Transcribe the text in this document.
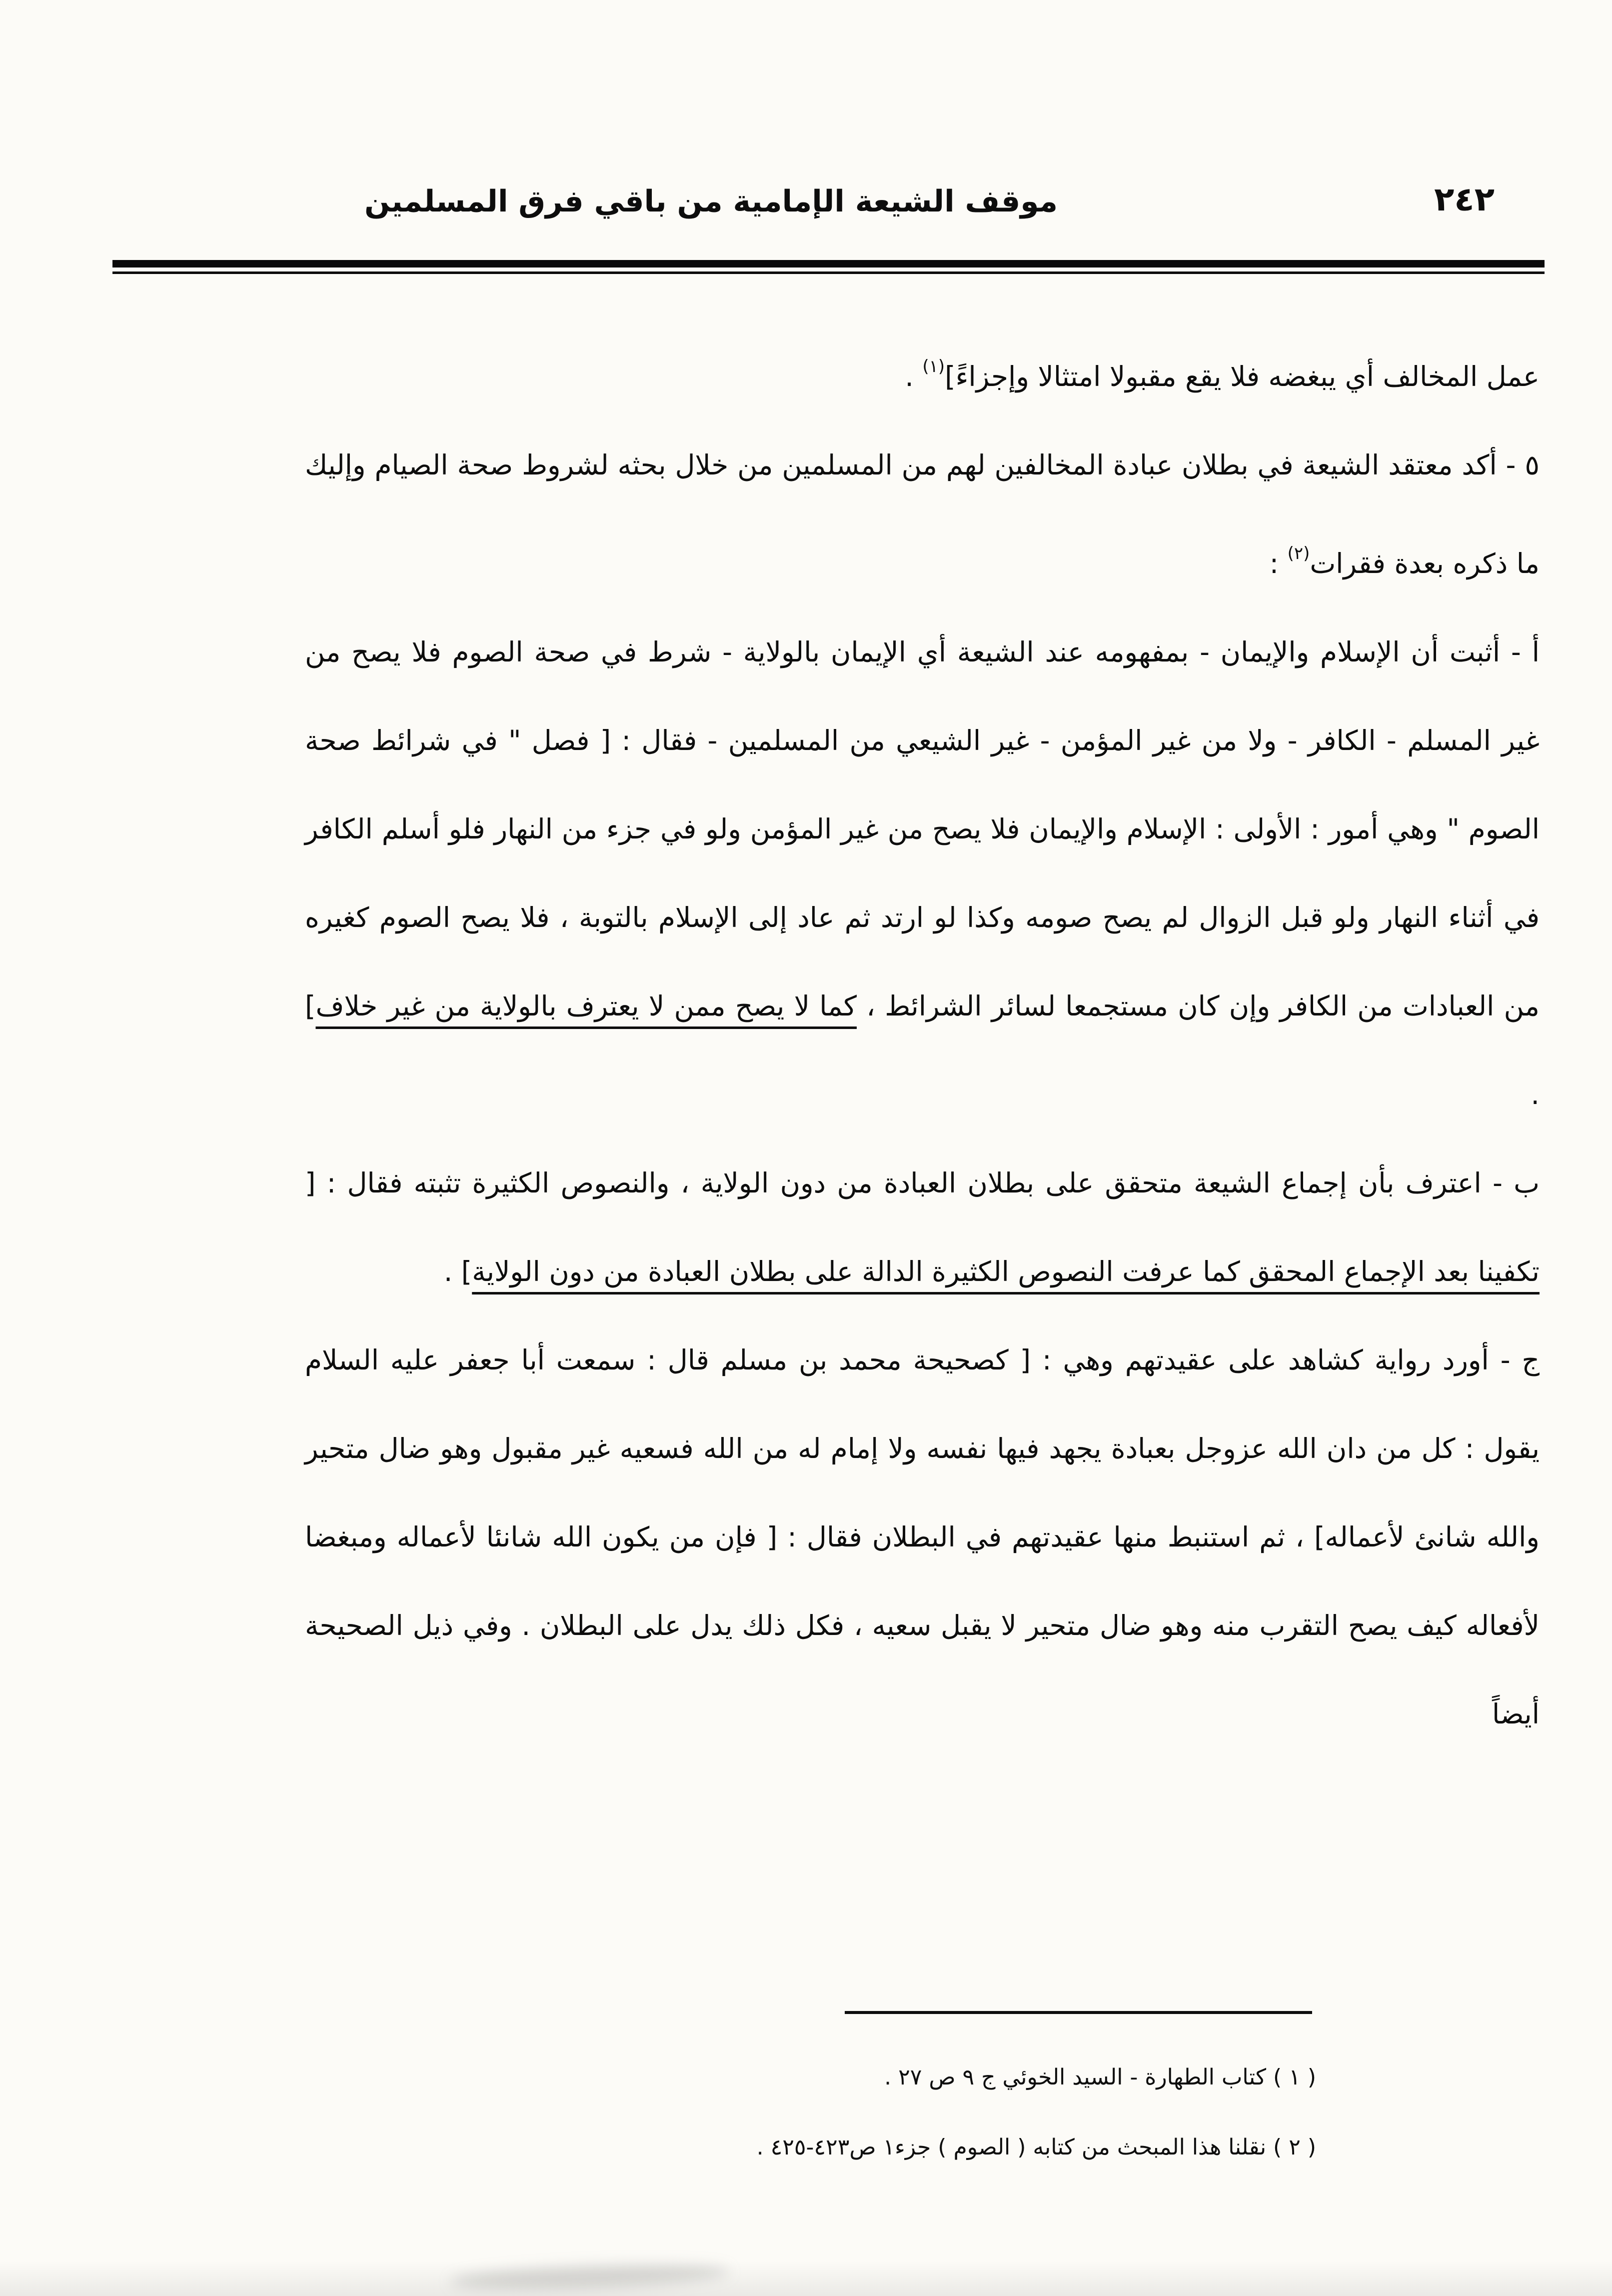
موقف الشيعة الإمامية من باقي فرق المسلمين	٢٤٢

عمل المخالف أي يبغضه فلا يقع مقبولا امتثالا وإجزاءً]$^{(١)}$ .

٥ - أكد معتقد الشيعة في بطلان عبادة المخالفين لهم من المسلمين من خلال بحثه لشروط صحة الصيام وإليك ما ذكره بعدة فقرات$^{(٢)}$ :

أ - أثبت أن الإسلام والإيمان - بمفهومه عند الشيعة أي الإيمان بالولاية - شرط في صحة الصوم فلا يصح من غير المسلم - الكافر - ولا من غير المؤمن - غير الشيعي من المسلمين - فقال : [ فصل " في شرائط صحة الصوم " وهي أمور : الأولى : الإسلام والإيمان فلا يصح من غير المؤمن ولو في جزء من النهار فلو أسلم الكافر في أثناء النهار ولو قبل الزوال لم يصح صومه وكذا لو ارتد ثم عاد إلى الإسلام بالتوبة ، فلا يصح الصوم كغيره من العبادات من الكافر وإن كان مستجمعا لسائر الشرائط ، كما لا يصح ممن لا يعترف بالولاية من غير خلاف] .

ب - اعترف بأن إجماع الشيعة متحقق على بطلان العبادة من دون الولاية ، والنصوص الكثيرة تثبته فقال : [ تكفينا بعد الإجماع المحقق كما عرفت النصوص الكثيرة الدالة على بطلان العبادة من دون الولاية] .

ج - أورد رواية كشاهد على عقيدتهم وهي : [ كصحيحة محمد بن مسلم قال : سمعت أبا جعفر عليه السلام يقول : كل من دان الله عزوجل بعبادة يجهد فيها نفسه ولا إمام له من الله فسعيه غير مقبول وهو ضال متحير والله شانئ لأعماله] ، ثم استنبط منها عقيدتهم في البطلان فقال : [ فإن من يكون الله شانئا لأعماله ومبغضا لأفعاله كيف يصح التقرب منه وهو ضال متحير لا يقبل سعيه ، فكل ذلك يدل على البطلان . وفي ذيل الصحيحة أيضاً

( ١ ) كتاب الطهارة - السيد الخوئي ج ٩ ص ٢٧ .

( ٢ ) نقلنا هذا المبحث من كتابه ( الصوم ) جزء١ ص٤٢٣-٤٢٥ .
